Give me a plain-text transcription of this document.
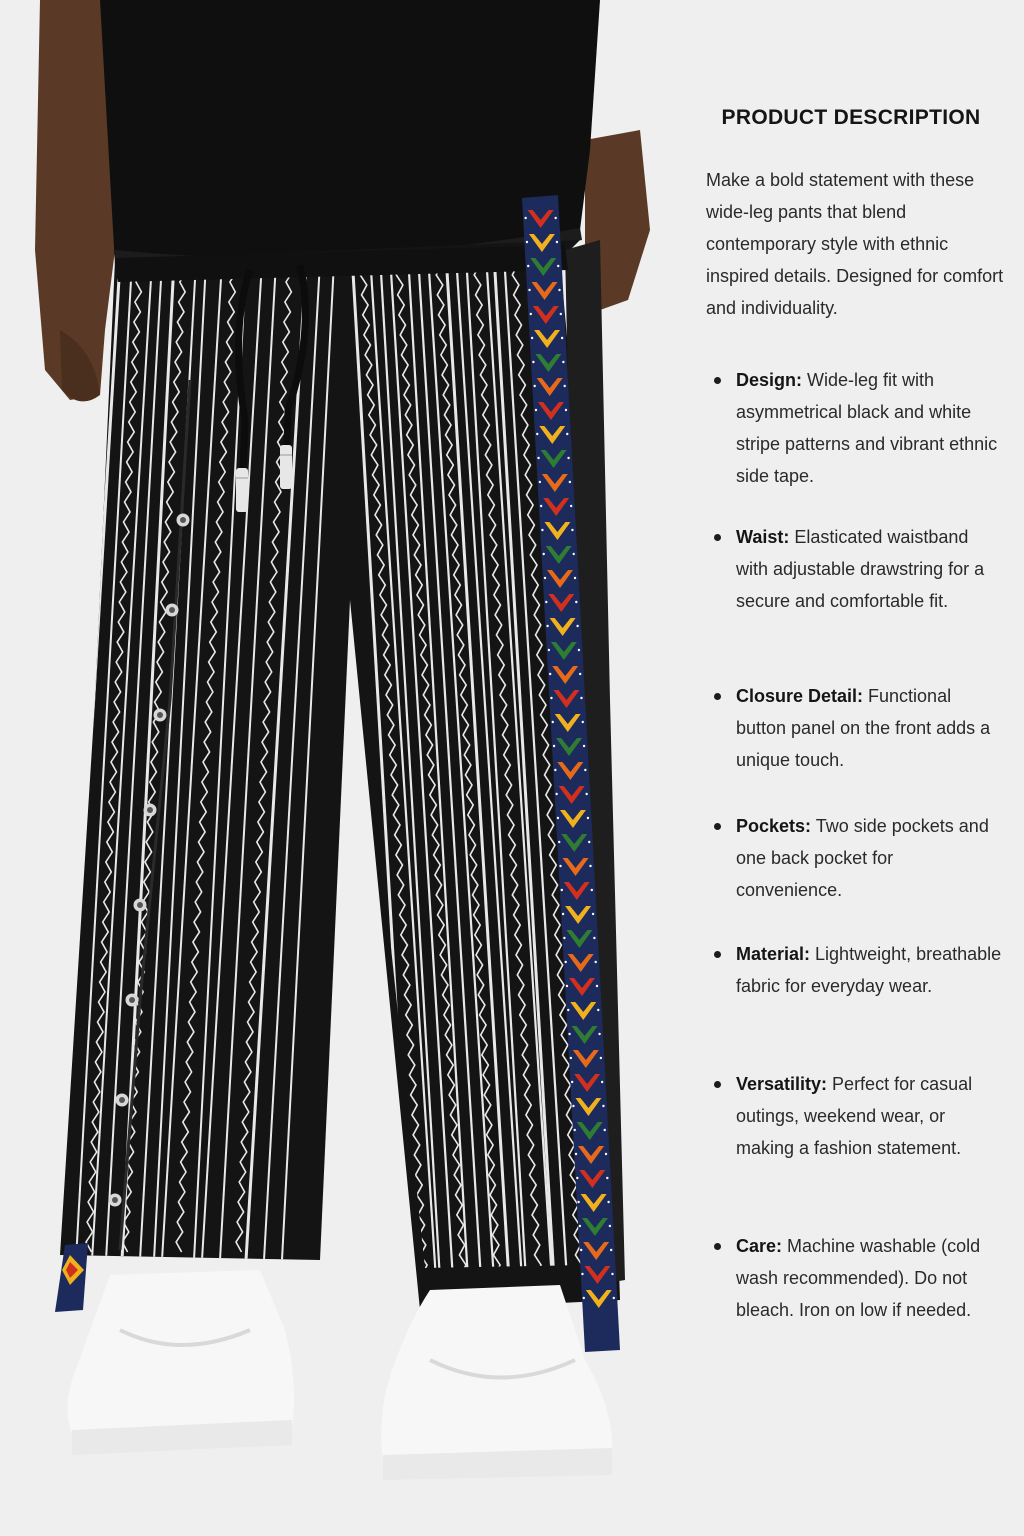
PRODUCT DESCRIPTION

Make a bold statement with these wide-leg pants that blend contemporary style with ethnic inspired details. Designed for comfort and individuality.

Design: Wide-leg fit with asymmetrical black and white stripe patterns and vibrant ethnic side tape.
Waist: Elasticated waistband with adjustable drawstring for a secure and comfortable fit.
Closure Detail: Functional button panel on the front adds a unique touch.
Pockets: Two side pockets and one back pocket for convenience.
Material: Lightweight, breathable fabric for everyday wear.
Versatility: Perfect for casual outings, weekend wear, or making a fashion statement.
Care: Machine washable (cold wash recommended). Do not bleach. Iron on low if needed.
